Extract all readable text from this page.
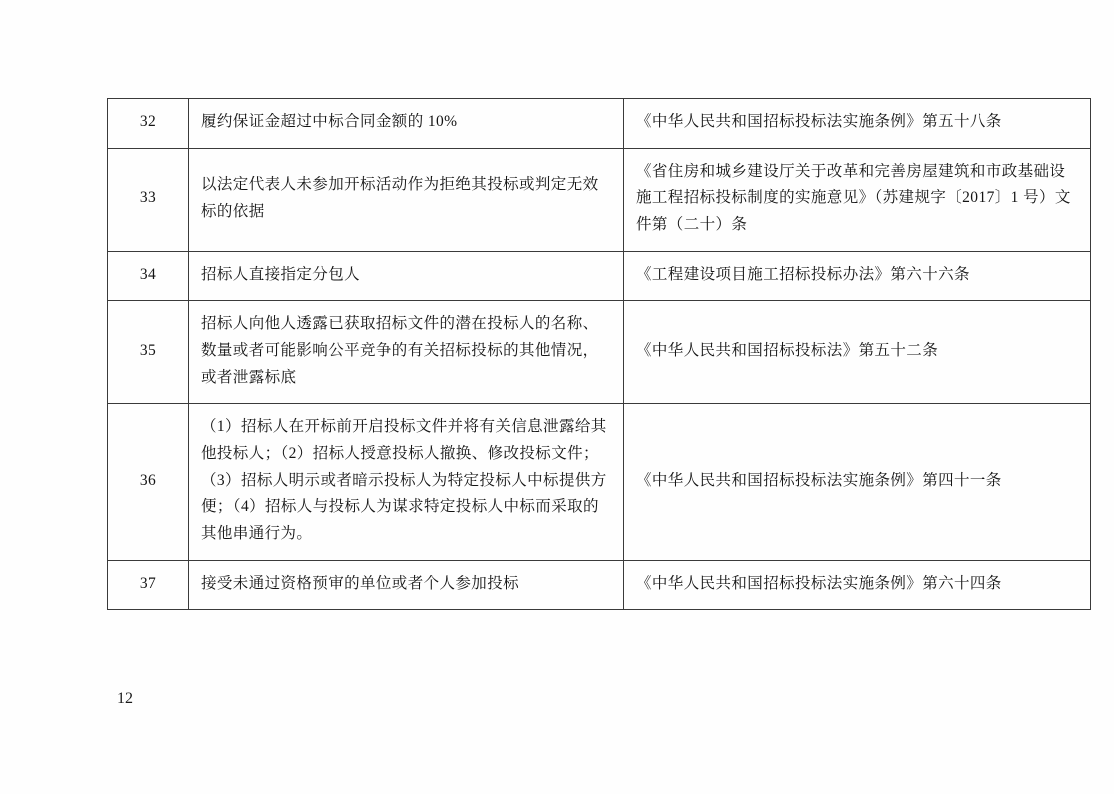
32	履约保证金超过中标合同金额的 10%	《中华人民共和国招标投标法实施条例》第五十八条

33	以法定代表人未参加开标活动作为拒绝其投标或判定无效标的依据	《省住房和城乡建设厅关于改革和完善房屋建筑和市政基础设施工程招标投标制度的实施意见》（苏建规字〔2017〕1 号）文件第（二十）条

34	招标人直接指定分包人	《工程建设项目施工招标投标办法》第六十六条

35	招标人向他人透露已获取招标文件的潜在投标人的名称、数量或者可能影响公平竞争的有关招标投标的其他情况，或者泄露标底	《中华人民共和国招标投标法》第五十二条

36	（1）招标人在开标前开启投标文件并将有关信息泄露给其他投标人；（2）招标人授意投标人撤换、修改投标文件；（3）招标人明示或者暗示投标人为特定投标人中标提供方便；（4）招标人与投标人为谋求特定投标人中标而采取的其他串通行为。	《中华人民共和国招标投标法实施条例》第四十一条

37	接受未通过资格预审的单位或者个人参加投标	《中华人民共和国招标投标法实施条例》第六十四条
12
